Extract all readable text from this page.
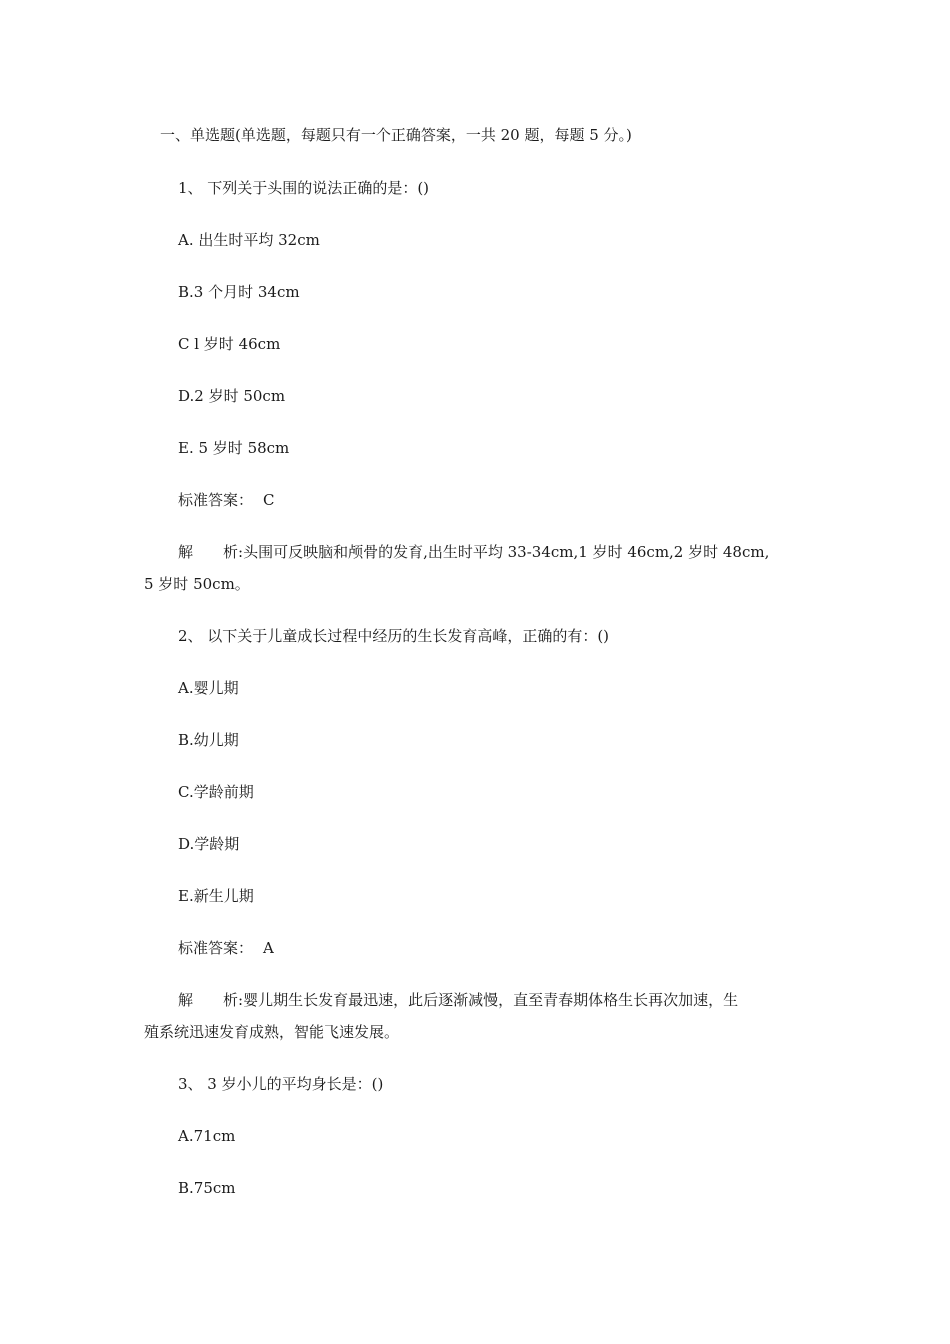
一、单选题(单选题，每题只有一个正确答案，一共 20 题，每题 5 分。)

1、 下列关于头围的说法正确的是：()

A. 出生时平均 32cm

B.3 个月时 34cm

C l 岁时 46cm

D.2 岁时 50cm

E. 5 岁时 58cm

标准答案： C

解 析:头围可反映脑和颅骨的发育,出生时平均 33-34cm,1 岁时 46cm,2 岁时 48cm,

5 岁时 50cm。

2、 以下关于儿童成长过程中经历的生长发育高峰，正确的有：()

A.婴儿期

B.幼儿期

C.学龄前期

D.学龄期

E.新生儿期

标准答案： A

解 析:婴儿期生长发育最迅速，此后逐渐减慢，直至青春期体格生长再次加速，生

殖系统迅速发育成熟，智能飞速发展。

3、 3 岁小儿的平均身长是：()

A.71cm

B.75cm
